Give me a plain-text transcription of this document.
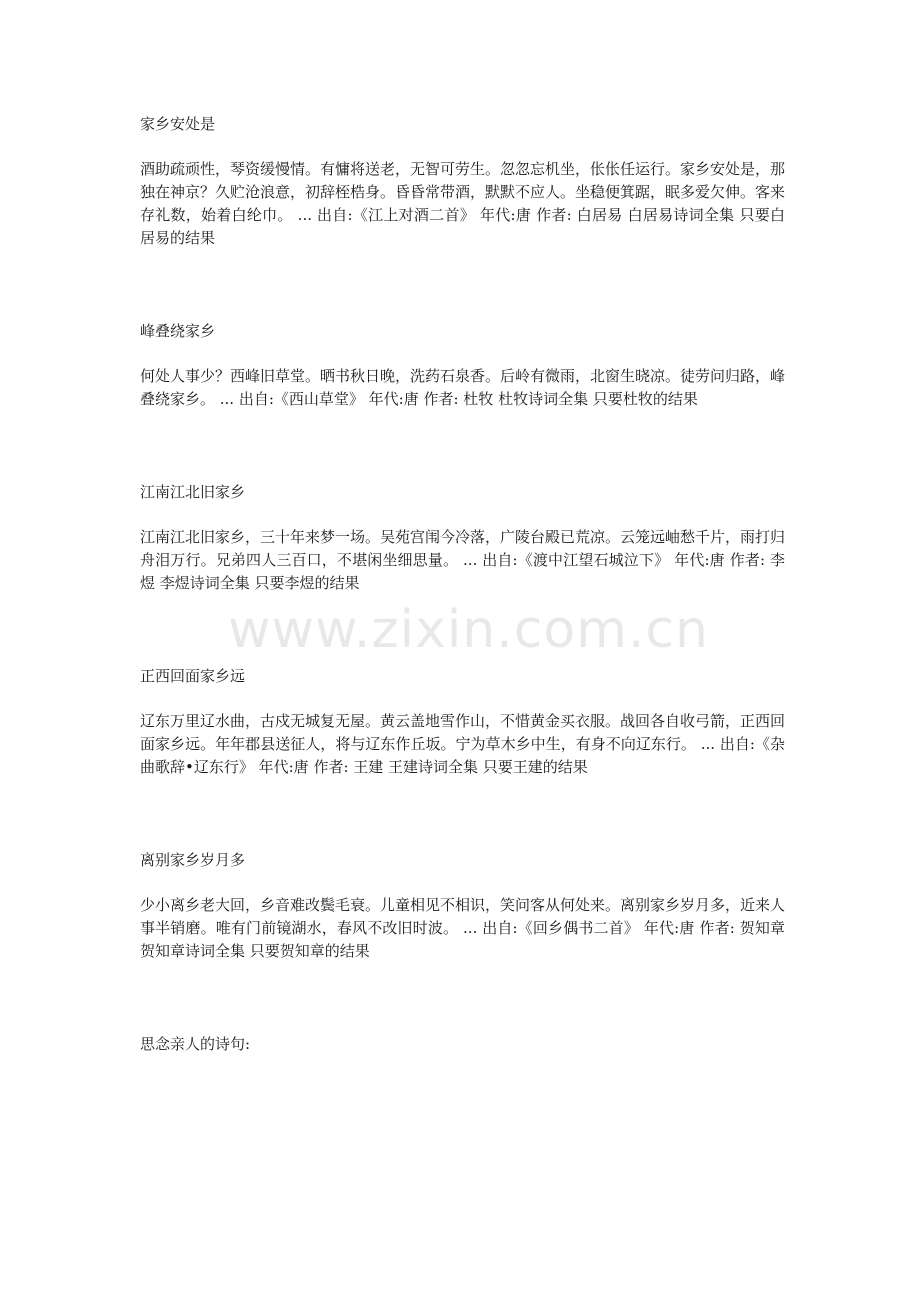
家乡安处是

酒助疏顽性，琴资缓慢情。有慵将送老，无智可劳生。忽忽忘机坐，伥伥任运行。家乡安处是，那独在神京？久贮沧浪意，初辞桎梏身。昏昏常带酒，默默不应人。坐稳便箕踞，眠多爱欠伸。客来存礼数，始着白纶巾。 ... 出自:《江上对酒二首》 年代:唐 作者: 白居易 白居易诗词全集 只要白居易的结果

峰叠绕家乡

何处人事少？西峰旧草堂。晒书秋日晚，洗药石泉香。后岭有微雨，北窗生晓凉。徒劳问归路，峰叠绕家乡。 ... 出自:《西山草堂》 年代:唐 作者: 杜牧 杜牧诗词全集 只要杜牧的结果

江南江北旧家乡

江南江北旧家乡，三十年来梦一场。吴苑宫闱今冷落，广陵台殿已荒凉。云笼远岫愁千片，雨打归舟泪万行。兄弟四人三百口，不堪闲坐细思量。 ... 出自:《渡中江望石城泣下》 年代:唐 作者: 李煜 李煜诗词全集 只要李煜的结果

正西回面家乡远

辽东万里辽水曲，古戍无城复无屋。黄云盖地雪作山，不惜黄金买衣服。战回各自收弓箭，正西回面家乡远。年年郡县送征人，将与辽东作丘坂。宁为草木乡中生，有身不向辽东行。 ... 出自:《杂曲歌辞•辽东行》 年代:唐 作者: 王建 王建诗词全集 只要王建的结果

离别家乡岁月多

少小离乡老大回，乡音难改鬓毛衰。儿童相见不相识，笑问客从何处来。离别家乡岁月多，近来人事半销磨。唯有门前镜湖水，春风不改旧时波。 ... 出自:《回乡偶书二首》 年代:唐 作者: 贺知章 贺知章诗词全集 只要贺知章的结果

思念亲人的诗句:

www.zixin.com.cn
